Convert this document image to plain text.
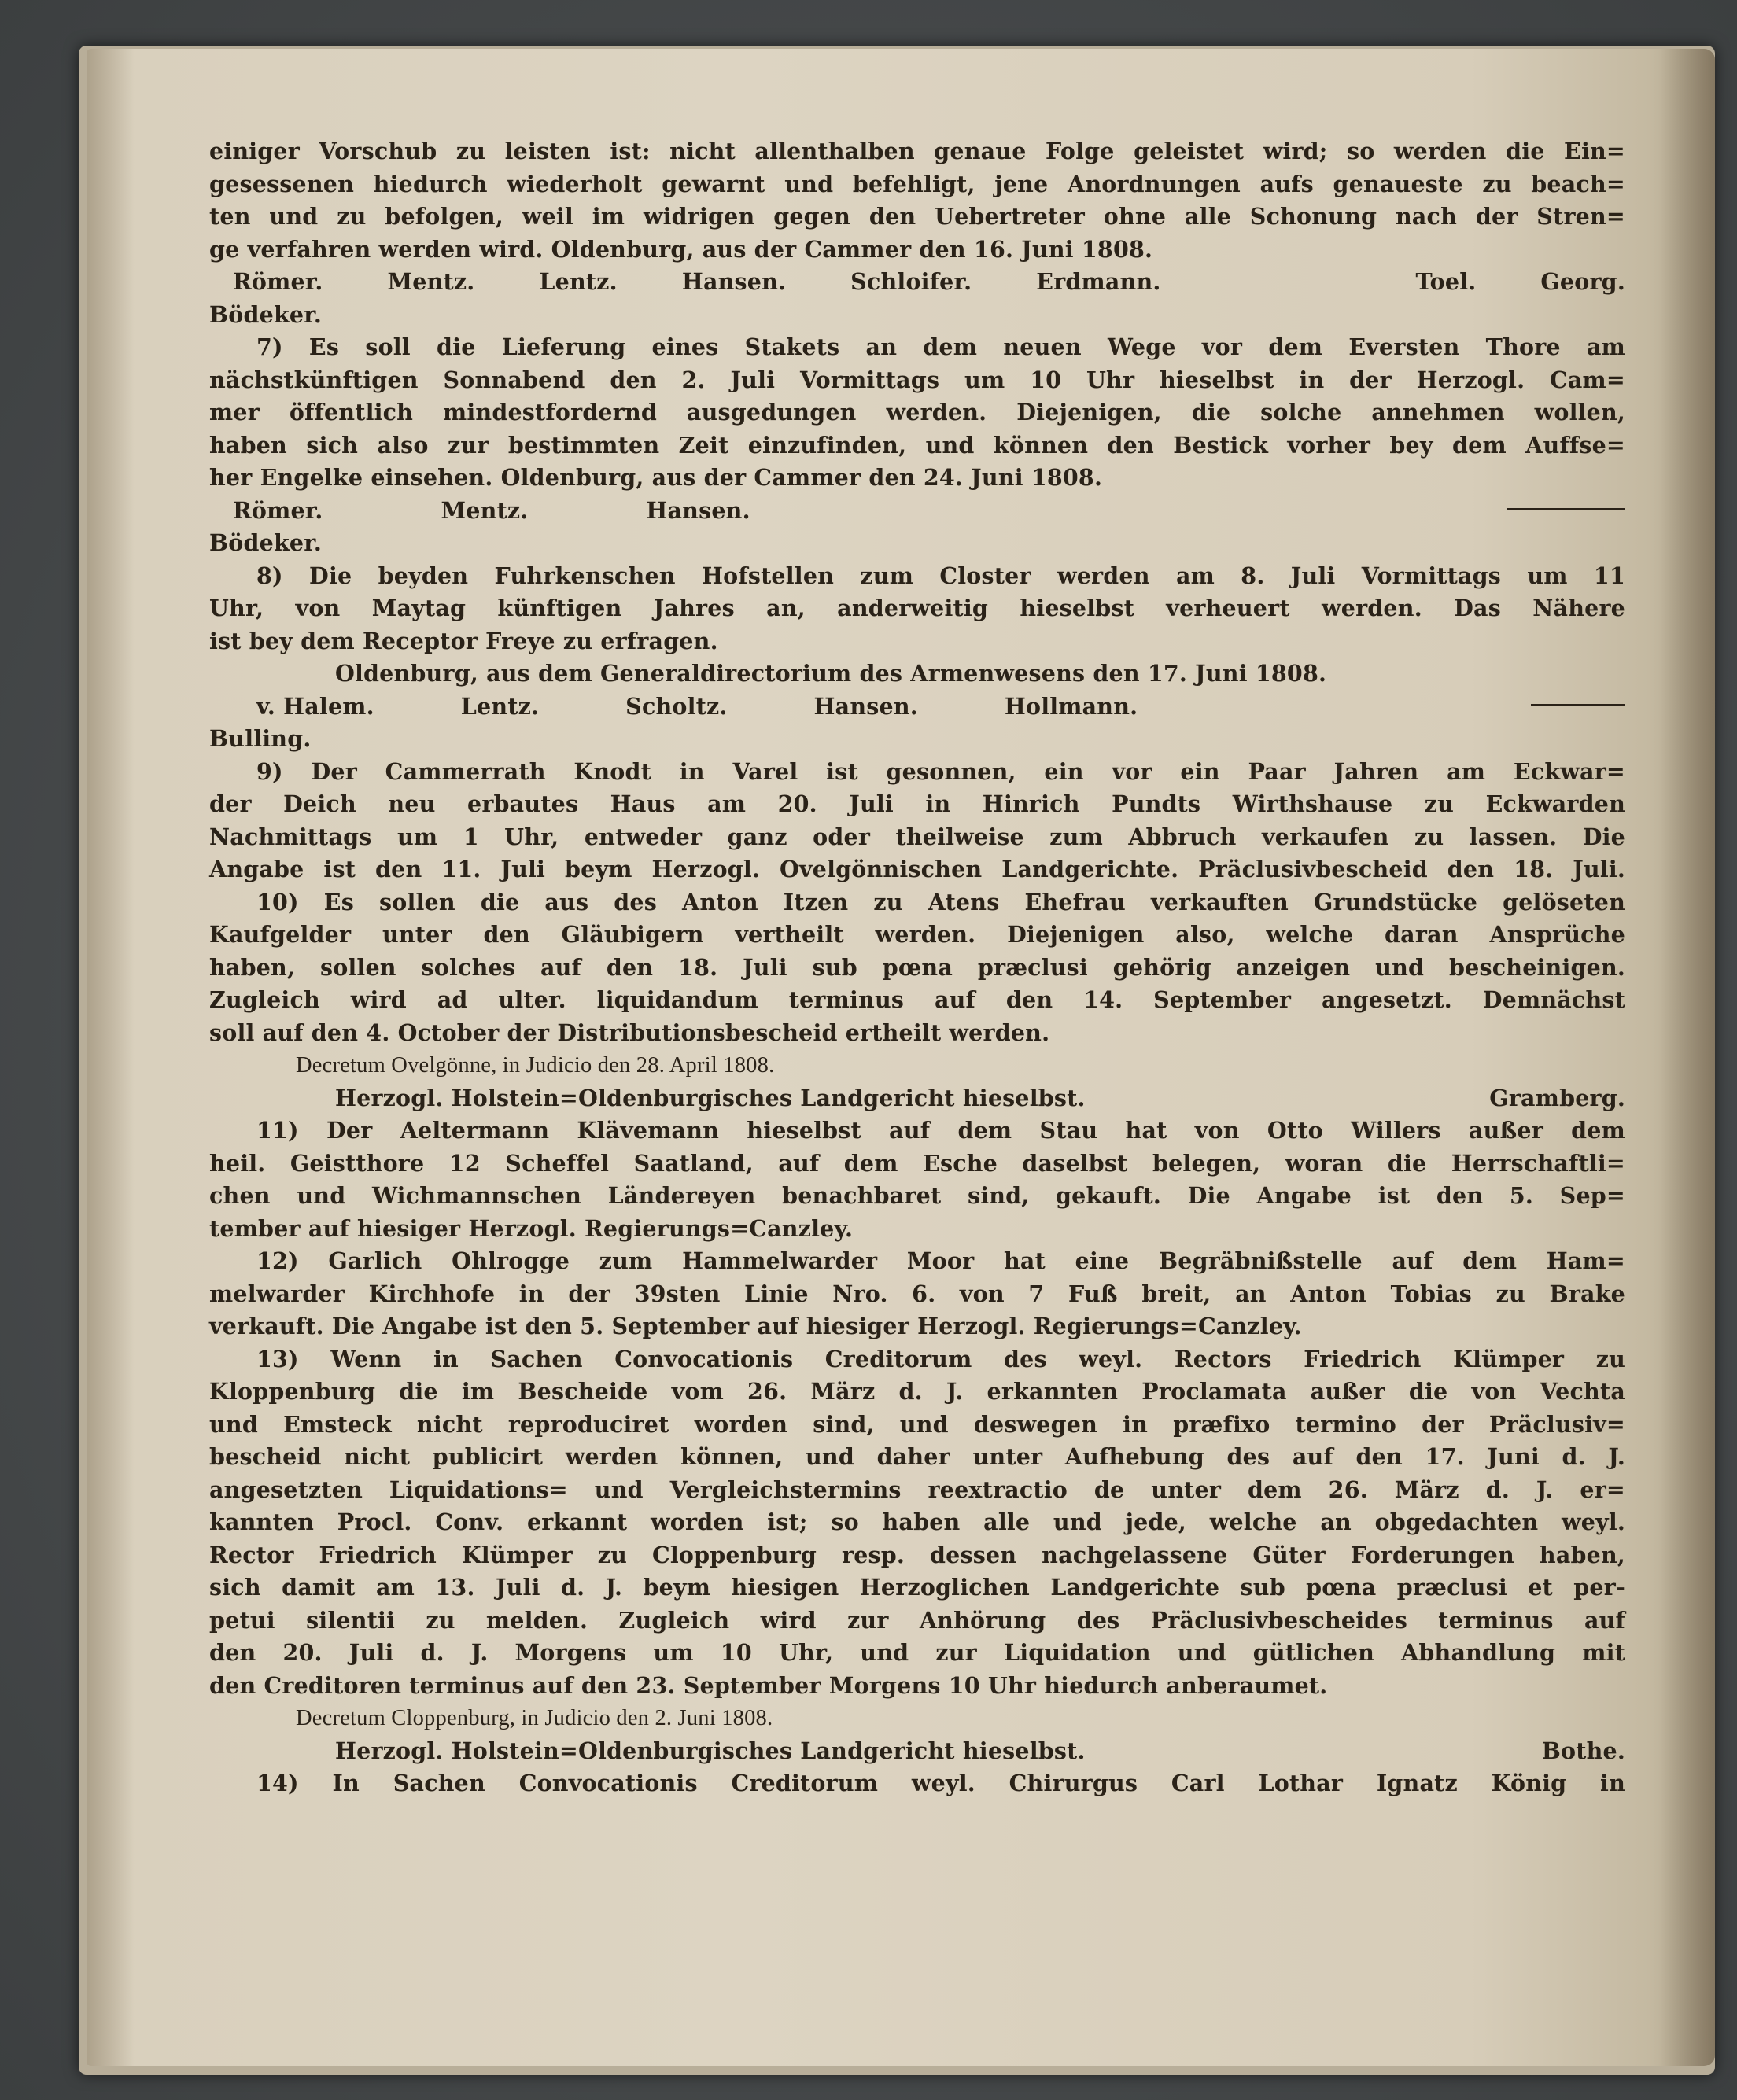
einiger Vorschub zu leisten ist: nicht allenthalben genaue Folge geleistet wird; so werden die Ein=

gesessenen hiedurch wiederholt gewarnt und befehligt, jene Anordnungen aufs genaueste zu beach=

ten und zu befolgen, weil im widrigen gegen den Uebertreter ohne alle Schonung nach der Stren=

ge verfahren werden wird. Oldenburg, aus der Cammer den 16. Juni 1808.

Römer.	Mentz.	Lentz.	Hansen.	Schloifer.	Erdmann.	Toel.	Georg.

Bödeker.

7) Es soll die Lieferung eines Stakets an dem neuen Wege vor dem Eversten Thore am

nächstkünftigen Sonnabend den 2. Juli Vormittags um 10 Uhr hieselbst in der Herzogl. Cam=

mer öffentlich mindestfordernd ausgedungen werden. Diejenigen, die solche annehmen wollen,

haben sich also zur bestimmten Zeit einzufinden, und können den Bestick vorher bey dem Auffse=

her Engelke einsehen. Oldenburg, aus der Cammer den 24. Juni 1808.

Römer.	Mentz.	Hansen.

Bödeker.

8) Die beyden Fuhrkenschen Hofstellen zum Closter werden am 8. Juli Vormittags um 11

Uhr, von Maytag künftigen Jahres an, anderweitig hieselbst verheuert werden. Das Nähere

ist bey dem Receptor Freye zu erfragen.

Oldenburg, aus dem Generaldirectorium des Armenwesens den 17. Juni 1808.

v. Halem.	Lentz.	Scholtz.	Hansen.	Hollmann.

Bulling.

9) Der Cammerrath Knodt in Varel ist gesonnen, ein vor ein Paar Jahren am Eckwar=

der Deich neu erbautes Haus am 20. Juli in Hinrich Pundts Wirthshause zu Eckwarden

Nachmittags um 1 Uhr, entweder ganz oder theilweise zum Abbruch verkaufen zu lassen. Die

Angabe ist den 11. Juli beym Herzogl. Ovelgönnischen Landgerichte. Präclusivbescheid den 18. Juli.

10) Es sollen die aus des Anton Itzen zu Atens Ehefrau verkauften Grundstücke gelöseten

Kaufgelder unter den Gläubigern vertheilt werden. Diejenigen also, welche daran Ansprüche

haben, sollen solches auf den 18. Juli sub pœna præclusi gehörig anzeigen und bescheinigen.

Zugleich wird ad ulter. liquidandum terminus auf den 14. September angesetzt. Demnächst

soll auf den 4. October der Distributionsbescheid ertheilt werden.

Decretum Ovelgönne, in Judicio den 28. April 1808.

Herzogl. Holstein=Oldenburgisches Landgericht hieselbst.	Gramberg.

11) Der Aeltermann Klävemann hieselbst auf dem Stau hat von Otto Willers außer dem

heil. Geistthore 12 Scheffel Saatland, auf dem Esche daselbst belegen, woran die Herrschaftli=

chen und Wichmannschen Ländereyen benachbaret sind, gekauft. Die Angabe ist den 5. Sep=

tember auf hiesiger Herzogl. Regierungs=Canzley.

12) Garlich Ohlrogge zum Hammelwarder Moor hat eine Begräbnißstelle auf dem Ham=

melwarder Kirchhofe in der 39sten Linie Nro. 6. von 7 Fuß breit, an Anton Tobias zu Brake

verkauft. Die Angabe ist den 5. September auf hiesiger Herzogl. Regierungs=Canzley.

13) Wenn in Sachen Convocationis Creditorum des weyl. Rectors Friedrich Klümper zu

Kloppenburg die im Bescheide vom 26. März d. J. erkannten Proclamata außer die von Vechta

und Emsteck nicht reproduciret worden sind, und deswegen in præfixo termino der Präclusiv=

bescheid nicht publicirt werden können, und daher unter Aufhebung des auf den 17. Juni d. J.

angesetzten Liquidations= und Vergleichstermins reextractio de unter dem 26. März d. J. er=

kannten Procl. Conv. erkannt worden ist; so haben alle und jede, welche an obgedachten weyl.

Rector Friedrich Klümper zu Cloppenburg resp. dessen nachgelassene Güter Forderungen haben,

sich damit am 13. Juli d. J. beym hiesigen Herzoglichen Landgerichte sub pœna præclusi et per-

petui silentii zu melden. Zugleich wird zur Anhörung des Präclusivbescheides terminus auf

den 20. Juli d. J. Morgens um 10 Uhr, und zur Liquidation und gütlichen Abhandlung mit

den Creditoren terminus auf den 23. September Morgens 10 Uhr hiedurch anberaumet.

Decretum Cloppenburg, in Judicio den 2. Juni 1808.

Herzogl. Holstein=Oldenburgisches Landgericht hieselbst.	Bothe.

14) In Sachen Convocationis Creditorum weyl. Chirurgus Carl Lothar Ignatz König in
